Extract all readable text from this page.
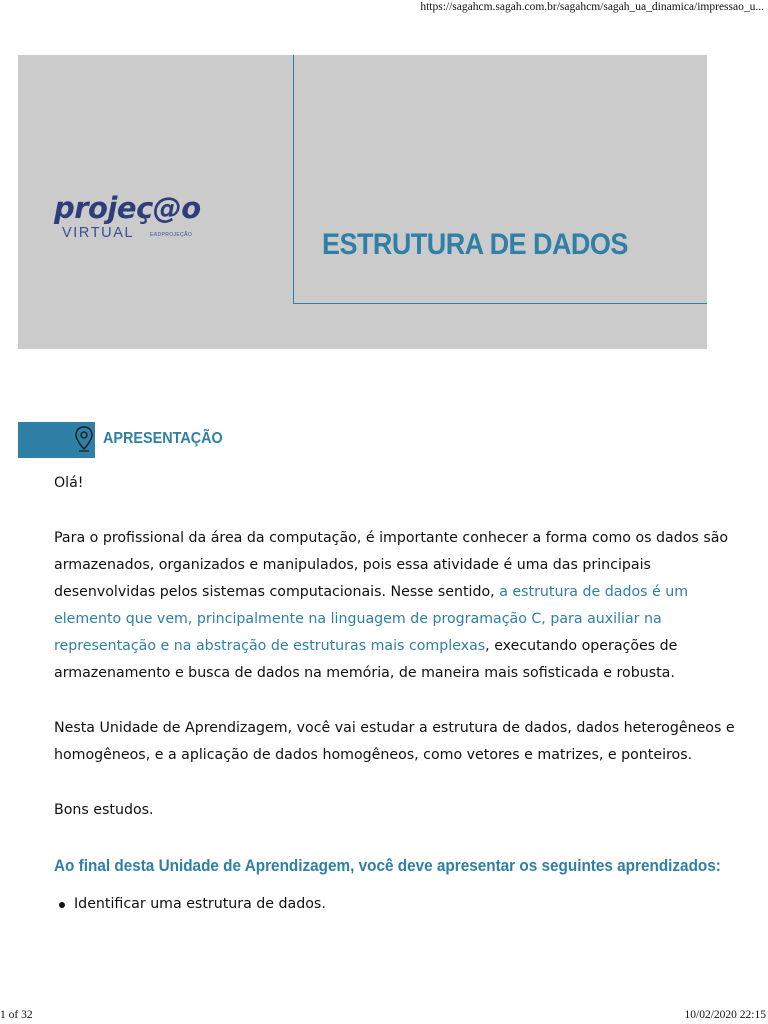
https://sagahcm.sagah.com.br/sagahcm/sagah_ua_dinamica/impressao_u...
projeç@o
VIRTUAL	EADPROJEÇÃO	ESTRUTURA DE DADOS
APRESENTAÇÃO

Olá!

Para o profissional da área da computação, é importante conhecer a forma como os dados são armazenados, organizados e manipulados, pois essa atividade é uma das principais desenvolvidas pelos sistemas computacionais. Nesse sentido, a estrutura de dados é um elemento que vem, principalmente na linguagem de programação C, para auxiliar na representação e na abstração de estruturas mais complexas, executando operações de armazenamento e busca de dados na memória, de maneira mais sofisticada e robusta.

Nesta Unidade de Aprendizagem, você vai estudar a estrutura de dados, dados heterogêneos e homogêneos, e a aplicação de dados homogêneos, como vetores e matrizes, e ponteiros.

Bons estudos.

Ao final desta Unidade de Aprendizagem, você deve apresentar os seguintes aprendizados:

Identificar uma estrutura de dados.
1 of 32	10/02/2020 22:15
